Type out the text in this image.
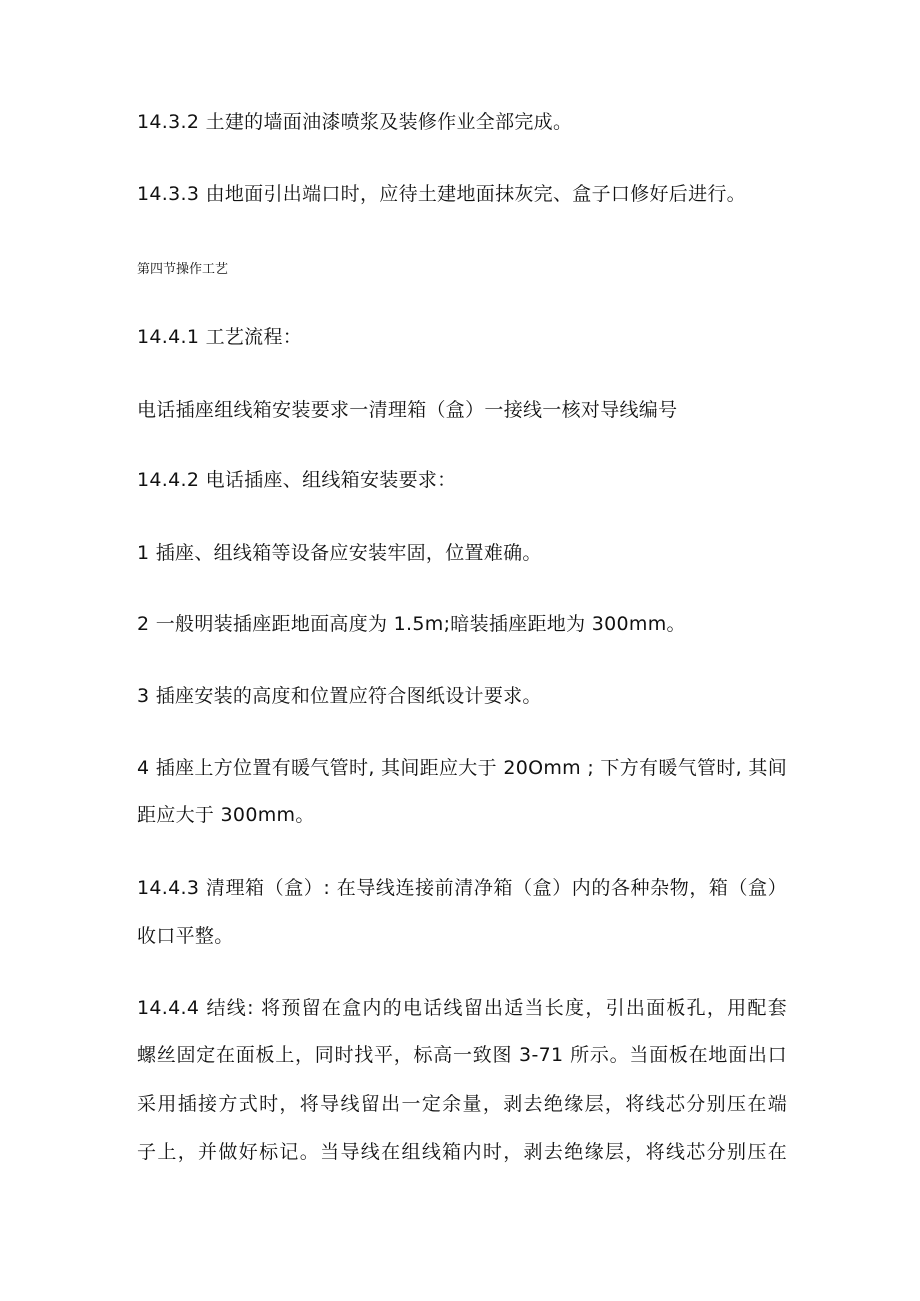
14.3.2 土建的墙面油漆喷浆及装修作业全部完成。
14.3.3 由地面引出端口时，应待土建地面抹灰完、盒子口修好后进行。
第四节操作工艺
14.4.1 工艺流程：
电话插座组线箱安装要求一清理箱（盒）一接线一核对导线编号
14.4.2 电话插座、组线箱安装要求：
1 插座、组线箱等设备应安装牢固，位置难确。
2 一般明装插座距地面高度为 1.5m;暗装插座距地为 300mm。
3 插座安装的高度和位置应符合图纸设计要求。
4 插座上方位置有暖气管时, 其间距应大于 20Omm ; 下方有暖气管时, 其间
距应大于 300mm。
14.4.3 清理箱（盒）: 在导线连接前清净箱（盒）内的各种杂物，箱（盒）
收口平整。
14.4.4 结线: 将预留在盒内的电话线留出适当长度，引出面板孔，用配套
螺丝固定在面板上，同时找平，标高一致图 3-71 所示。当面板在地面出口
采用插接方式时，将导线留出一定余量，剥去绝缘层，将线芯分别压在端
子上，并做好标记。当导线在组线箱内时，剥去绝缘层，将线芯分别压在
